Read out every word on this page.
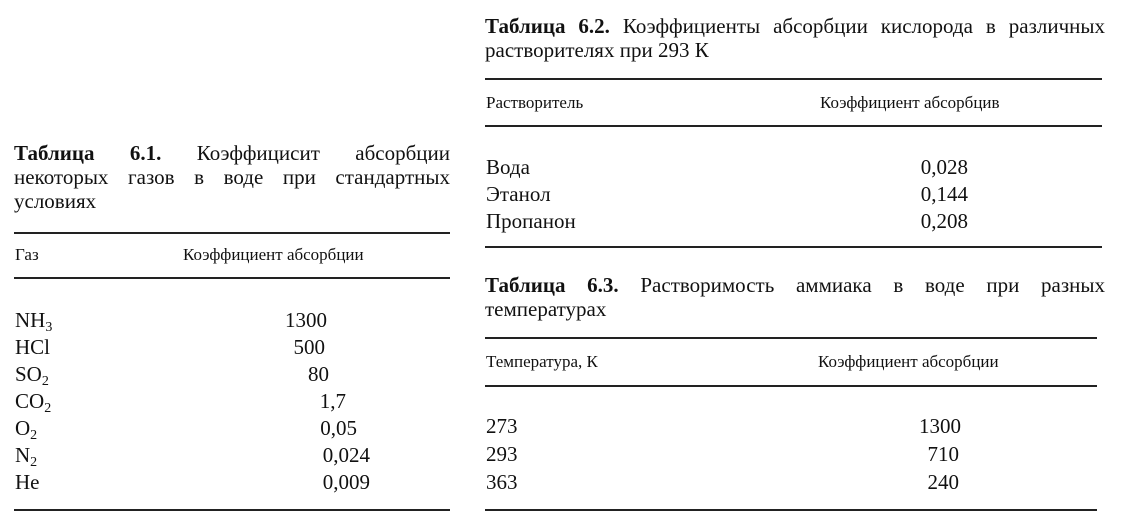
Таблица 6.1. Коэффицисит абсорбции некоторых газов в воде при стандартных условиях
Газ	Коэффициент абсорбции
$NH_3$	1300
HCl	500
$SO_2$	80
$CO_2$	1,7
$O_2$	0,05
$N_2$	0,024
He	0,009
Таблица 6.2. Коэффициенты абсорбции кислорода в различных растворителях при 293 К
Растворитель	Коэффициент абсорбцив
Вода	0,028
Этанол	0,144
Пропанон	0,208
Таблица 6.3. Растворимость аммиака в воде при разных температурах
Температура, К	Коэффициент абсорбции
273	1300
293	710
363	240
